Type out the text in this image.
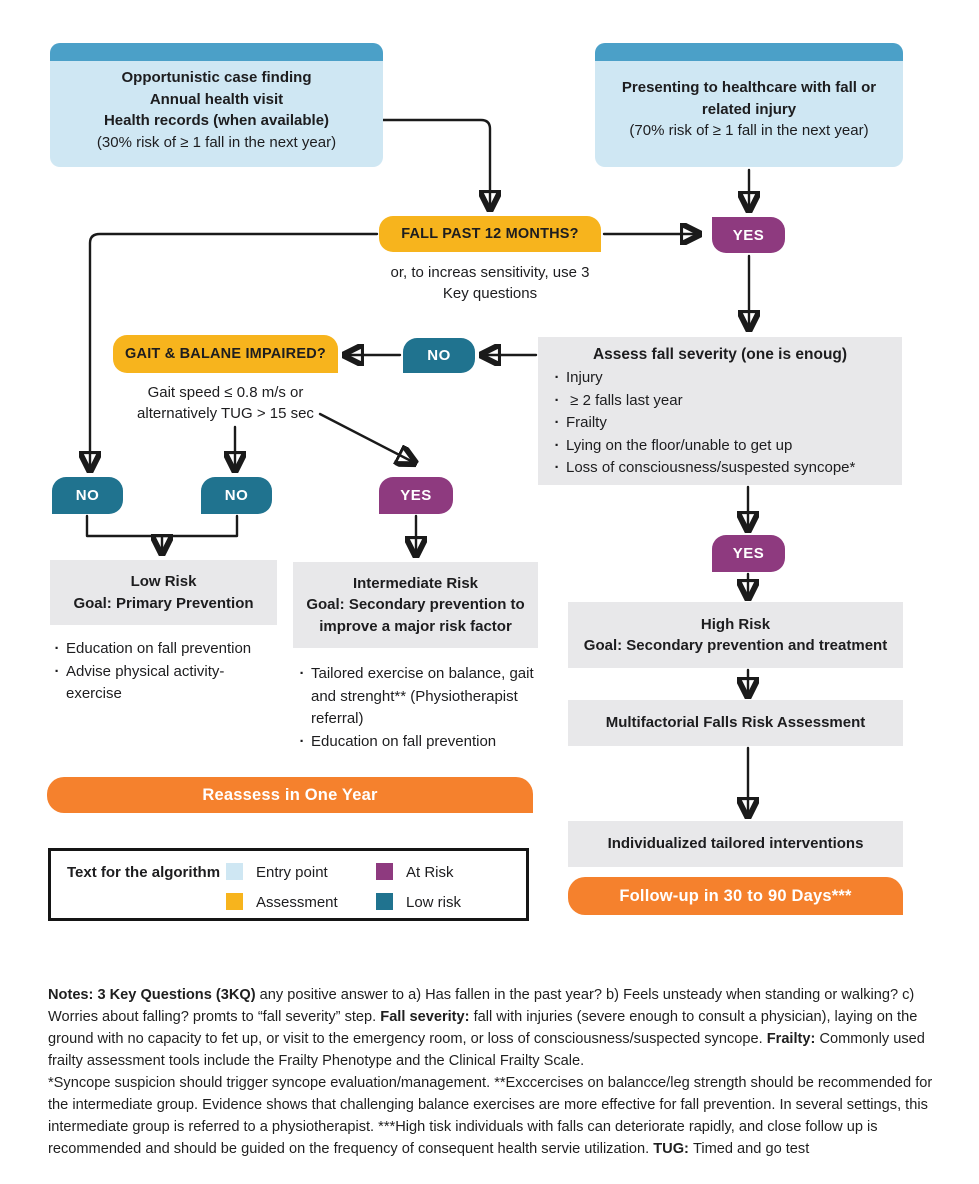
Opportunistic case finding
Annual health visit
Health records (when available)
(30% risk of ≥ 1 fall in the next year)
Presenting to healthcare with fall or
related injury
(70% risk of ≥ 1 fall in the next year)
FALL PAST 12 MONTHS?
or, to increas sensitivity, use 3
Key questions
YES
GAIT & BALANE IMPAIRED?
Gait speed ≤ 0.8 m/s or
alternatively TUG > 15 sec
NO	Assess fall severity (one is enoug)
· Injury
·  ≥ 2 falls last year
· Frailty
· Lying on the floor/unable to get up
· Loss of consciousness/suspested syncope*
NO	NO	YES
Low Risk
Goal: Primary Prevention
· Education on fall prevention
· Advise physical activity-exercise
Intermediate Risk
Goal: Secondary prevention to
improve a major risk factor
· Tailored exercise on balance, gait and strenght** (Physiotherapist referral)
· Education on fall prevention
YES
High Risk
Goal: Secondary prevention and treatment
Multifactorial Falls Risk Assessment
Individualized tailored interventions
Follow-up in 30 to 90 Days***
Reassess in One Year
Text for the algorithm Entry point
Assessment
At Risk
Low risk
Notes: 3 Key Questions (3KQ) any positive answer to a) Has fallen in the past year? b) Feels unsteady when standing or walking? c) Worries about falling? promts to “fall severity” step. Fall severity: fall with injuries (severe enough to consult a physician), laying on the ground with no capacity to fet up, or visit to the emergency room, or loss of consciousness/suspected syncope. Frailty: Commonly used frailty assessment tools include the Frailty Phenotype and the Clinical Frailty Scale.
*Syncope suspicion should trigger syncope evaluation/management. **Exccercises on balancce/leg strength should be recommended for the intermediate group. Evidence shows that challenging balance exercises are more effective for fall prevention. In several settings, this intermediate group is referred to a physiotherapist. ***High tisk individuals with falls can deteriorate rapidly, and close follow up is recommended and should be guided on the frequency of consequent health servie utilization. TUG: Timed and go test
